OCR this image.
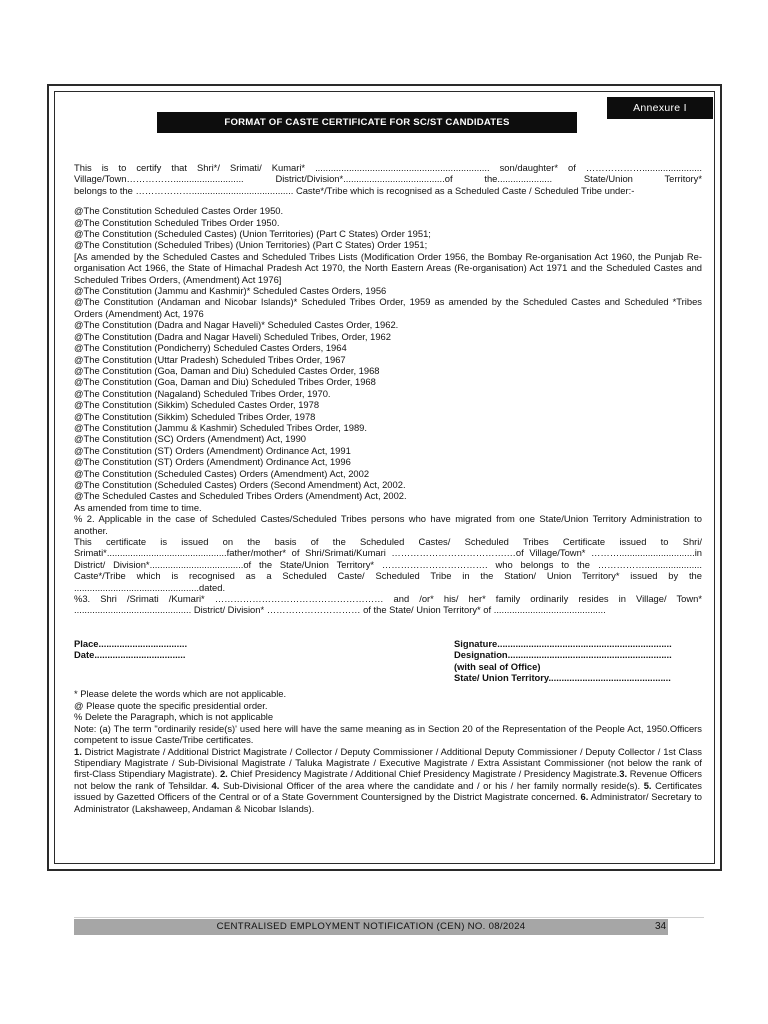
Annexure I
FORMAT OF CASTE CERTIFICATE FOR SC/ST CANDIDATES

This is to certify that Shri*/ Srimati/ Kumari* ................................................................... son/daughter* of ……………….......................

Village/Town……………........................... District/Division*.......................................of the..................... State/Union Territory*

belongs to the ………………....................................... Caste*/Tribe which is recognised as a Scheduled Caste / Scheduled Tribe under:-

@The Constitution Scheduled Castes Order 1950.

@The Constitution Scheduled Tribes Order 1950.

@The Constitution (Scheduled Castes) (Union Territories) (Part C States) Order 1951;

@The Constitution (Scheduled Tribes) (Union Territories) (Part C States) Order 1951;

[As amended by the Scheduled Castes and Scheduled Tribes Lists (Modification Order 1956, the Bombay Re-organisation Act 1960, the Punjab Re-organisation Act 1966, the State of Himachal Pradesh Act 1970, the North Eastern Areas (Re-organisation) Act 1971 and the Scheduled Castes and Scheduled Tribes Orders, (Amendment) Act 1976]

@The Constitution (Jammu and Kashmir)* Scheduled Castes Orders, 1956

@The Constitution (Andaman and Nicobar Islands)* Scheduled Tribes Order, 1959 as amended by the Scheduled Castes and Scheduled *Tribes Orders (Amendment) Act, 1976

@The Constitution (Dadra and Nagar Haveli)* Scheduled Castes Order, 1962.

@The Constitution (Dadra and Nagar Haveli) Scheduled Tribes, Order, 1962

@The Constitution (Pondicherry) Scheduled Castes Orders, 1964

@The Constitution (Uttar Pradesh) Scheduled Tribes Order, 1967

@The Constitution (Goa, Daman and Diu) Scheduled Castes Order, 1968

@The Constitution (Goa, Daman and Diu) Scheduled Tribes Order, 1968

@The Constitution (Nagaland) Scheduled Tribes Order, 1970.

@The Constitution (Sikkim) Scheduled Castes Order, 1978

@The Constitution (Sikkim) Scheduled Tribes Order, 1978

@The Constitution (Jammu & Kashmir) Scheduled Tribes Order, 1989.

@The Constitution (SC) Orders (Amendment) Act, 1990

@The Constitution (ST) Orders (Amendment) Ordinance Act, 1991

@The Constitution (ST) Orders (Amendment) Ordinance Act, 1996

@The Constitution (Scheduled Castes) Orders (Amendment) Act, 2002

@The Constitution (Scheduled Castes) Orders (Second Amendment) Act, 2002.

@The Scheduled Castes and Scheduled Tribes Orders (Amendment) Act, 2002.

As amended from time to time.

% 2. Applicable in the case of Scheduled Castes/Scheduled Tribes persons who have migrated from one State/Union Territory Administration to another.

This certificate is issued on the basis of the Scheduled Castes/ Scheduled Tribes Certificate issued to Shri/ Srimati*..............................................father/mother* of Shri/Srimati/Kumari ……………………………….…of Village/Town* ……….............................in District/ Division*....................................of the State/Union Territory* ……………………………. who belongs to the ……………...................... Caste*/Tribe which is recognised as a Scheduled Caste/ Scheduled Tribe in the Station/ Union Territory* issued by the ................................................dated.

%3. Shri /Srimati /Kumari* ……………………………………………… and /or* his/ her* family ordinarily resides in Village/ Town* ............................................. District/ Division* ………………………… of the State/ Union Territory* of ...........................................

Place..................................

Date...................................

Signature...................................................................

Designation...............................................................

(with seal of Office)

State/ Union Territory...............................................

* Please delete the words which are not applicable.

@ Please quote the specific presidential order.

% Delete the Paragraph, which is not applicable

Note: (a) The term "ordinarily reside(s)' used here will have the same meaning as in Section 20 of the Representation of the People Act, 1950.Officers competent to issue Caste/Tribe certificates.

1. District Magistrate / Additional District Magistrate / Collector / Deputy Commissioner / Additional Deputy Commissioner / Deputy Collector / 1st Class Stipendiary Magistrate / Sub-Divisional Magistrate / Taluka Magistrate / Executive Magistrate / Extra Assistant Commissioner (not below the rank of first-Class Stipendiary Magistrate). 2. Chief Presidency Magistrate / Additional Chief Presidency Magistrate / Presidency Magistrate.3. Revenue Officers not below the rank of Tehsildar. 4. Sub-Divisional Officer of the area where the candidate and / or his / her family normally reside(s). 5. Certificates issued by Gazetted Officers of the Central or of a State Government Countersigned by the District Magistrate concerned. 6. Administrator/ Secretary to Administrator (Lakshaweep, Andaman & Nicobar Islands).

CENTRALISED EMPLOYMENT NOTIFICATION (CEN) NO. 08/2024	34
